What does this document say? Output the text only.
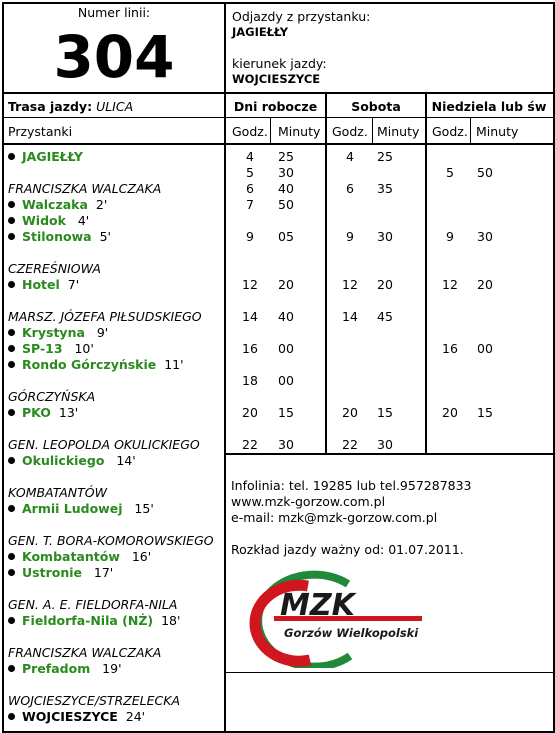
Numer linii:
304
Odjazdy z przystanku:
JAGIEŁŁY
kierunek jazdy:
WOJCIESZYCE
Trasa jazdy: ULICA
Przystanki
Dni robocze	Sobota	Niedziela lub św
Godz. Minuty Godz. Minuty Godz. Minuty
JAGIEŁŁY
FRANCISZKA WALCZAKA
Walczaka 2'
Widok 4'
Stilonowa 5'
CZEREŚNIOWA
Hotel 7'
MARSZ. JÓZEFA PIŁSUDSKIEGO
Krystyna 9'
SP-13 10'
Rondo Górczyńskie 11'
GÓRCZYŃSKA
PKO 13'
GEN. LEOPOLDA OKULICKIEGO
Okulickiego 14'
KOMBATANTÓW
Armii Ludowej 15'
GEN. T. BORA-KOMOROWSKIEGO
Kombatantów 16'
Ustronie 17'
GEN. A. E. FIELDORFA-NILA
Fieldorfa-Nila (NŻ) 18'
FRANCISZKA WALCZAKA
Prefadom 19'
WOJCIESZYCE/STRZELECKA
WOJCIESZYCE 24'
4 25
5 30
6 40
7 50
9 05
12 20
14 40
16 00
18 00
20 15
22 30
4 25
6 35
9 30
12 20
14 45
20 15
22 30
5 50
9 30
12 20
16 00
20 15
Infolinia: tel. 19285 lub tel.957287833
www.mzk-gorzow.com.pl
e-mail: mzk@mzk-gorzow.com.pl
Rozkład jazdy ważny od: 01.07.2011.
MZK
Gorzów Wielkopolski
